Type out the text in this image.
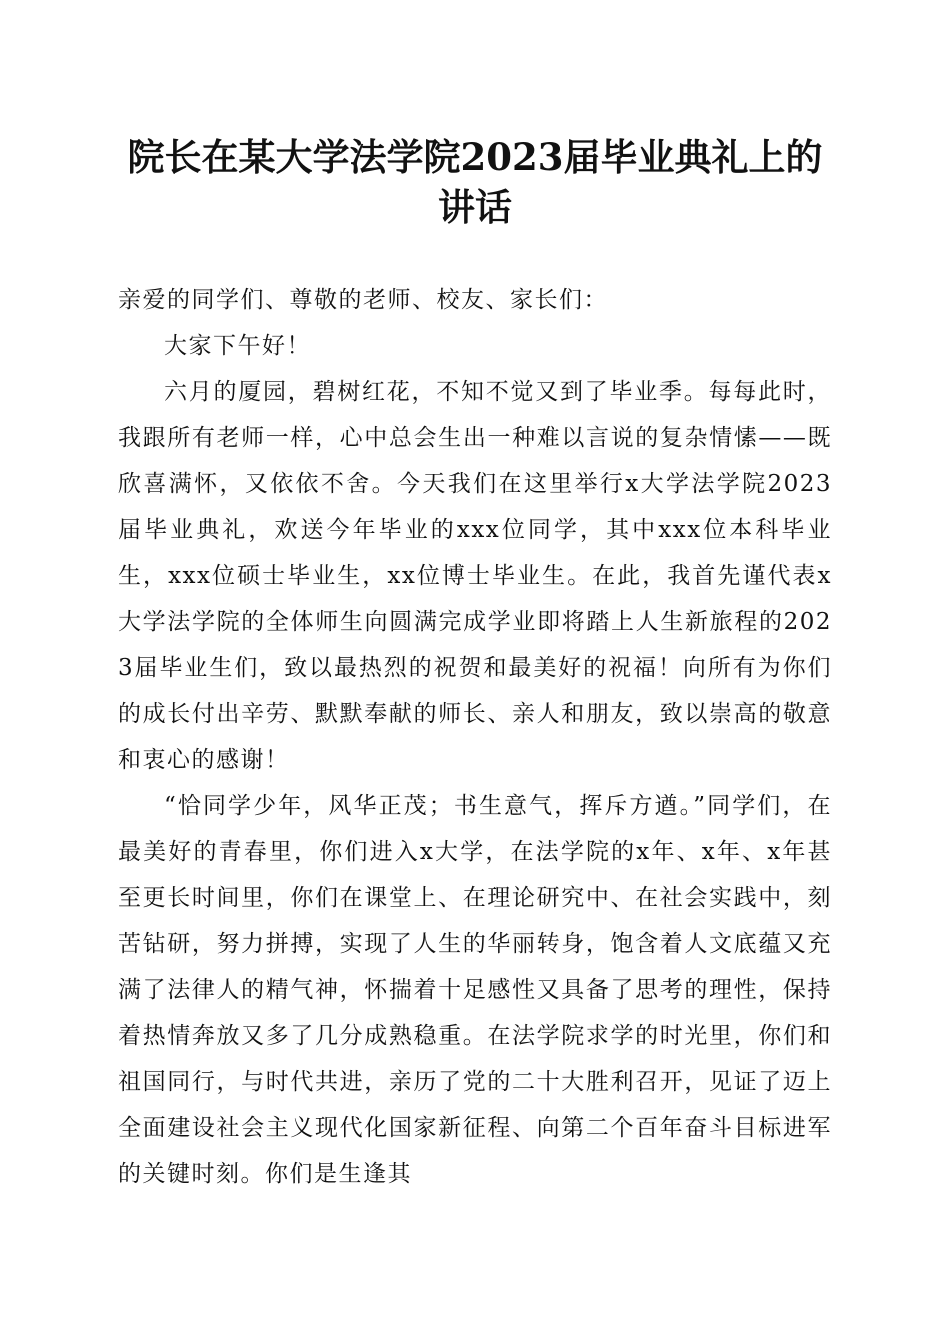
院长在某大学法学院2023届毕业典礼上的讲话

亲爱的同学们、尊敬的老师、校友、家长们：

大家下午好！

六月的厦园，碧树红花，不知不觉又到了毕业季。每每此时，我跟所有老师一样，心中总会生出一种难以言说的复杂情愫——既欣喜满怀，又依依不舍。今天我们在这里举行x大学法学院2023届毕业典礼，欢送今年毕业的xxx位同学，其中xxx位本科毕业生，xxx位硕士毕业生，xx位博士毕业生。在此，我首先谨代表x大学法学院的全体师生向圆满完成学业即将踏上人生新旅程的2023届毕业生们，致以最热烈的祝贺和最美好的祝福！向所有为你们的成长付出辛劳、默默奉献的师长、亲人和朋友，致以崇高的敬意和衷心的感谢！

“恰同学少年，风华正茂；书生意气，挥斥方遒。”同学们，在最美好的青春里，你们进入x大学，在法学院的x年、x年、x年甚至更长时间里，你们在课堂上、在理论研究中、在社会实践中，刻苦钻研，努力拼搏，实现了人生的华丽转身，饱含着人文底蕴又充满了法律人的精气神，怀揣着十足感性又具备了思考的理性，保持着热情奔放又多了几分成熟稳重。在法学院求学的时光里，你们和祖国同行，与时代共进，亲历了党的二十大胜利召开，见证了迈上全面建设社会主义现代化国家新征程、向第二个百年奋斗目标进军的关键时刻。你们是生逢其
